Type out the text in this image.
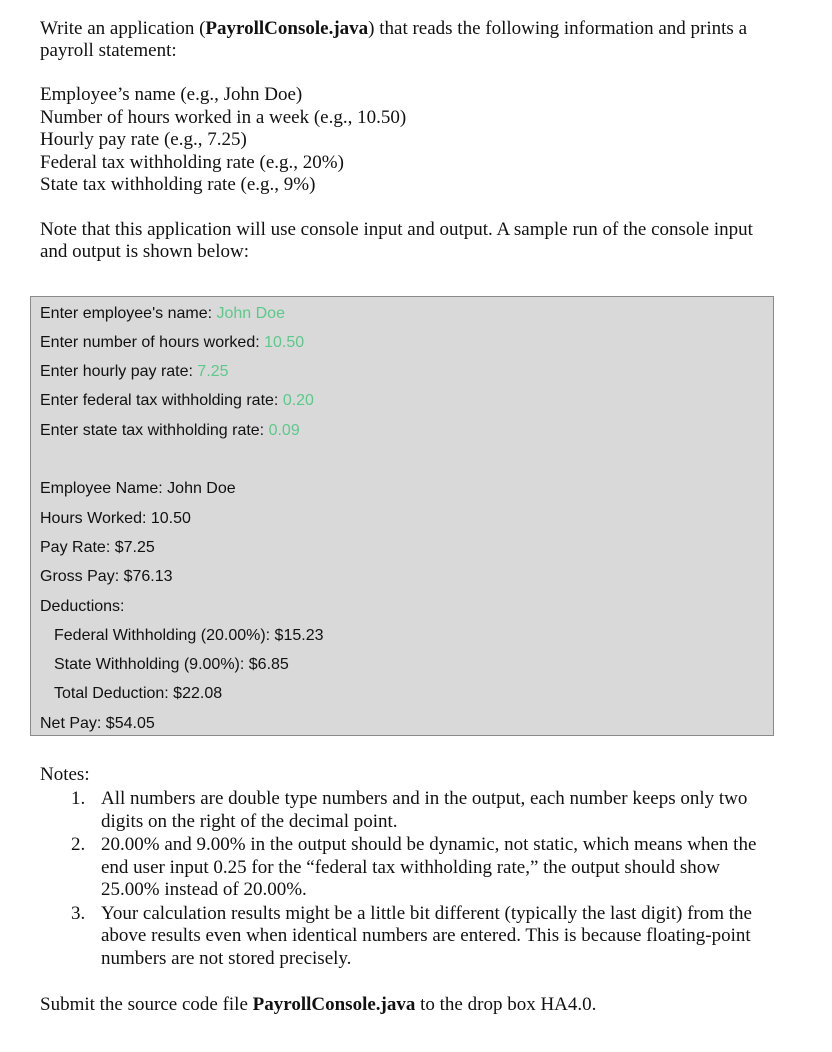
Write an application (PayrollConsole.java) that reads the following information and prints a payroll statement:

Employee’s name (e.g., John Doe)
Number of hours worked in a week (e.g., 10.50)
Hourly pay rate (e.g., 7.25)
Federal tax withholding rate (e.g., 20%)
State tax withholding rate (e.g., 9%)

Note that this application will use console input and output. A sample run of the console input and output is shown below:

Enter employee's name: John Doe
Enter number of hours worked: 10.50
Enter hourly pay rate: 7.25
Enter federal tax withholding rate: 0.20
Enter state tax withholding rate: 0.09
Employee Name: John Doe
Hours Worked: 10.50
Pay Rate: $7.25
Gross Pay: $76.13
Deductions:
Federal Withholding (20.00%): $15.23
State Withholding (9.00%): $6.85
Total Deduction: $22.08
Net Pay: $54.05
Notes:
1. All numbers are double type numbers and in the output, each number keeps only two digits on the right of the decimal point.
2. 20.00% and 9.00% in the output should be dynamic, not static, which means when the end user input 0.25 for the “federal tax withholding rate,” the output should show 25.00% instead of 20.00%.
3. Your calculation results might be a little bit different (typically the last digit) from the above results even when identical numbers are entered. This is because floating-point numbers are not stored precisely.

Submit the source code file PayrollConsole.java to the drop box HA4.0.
